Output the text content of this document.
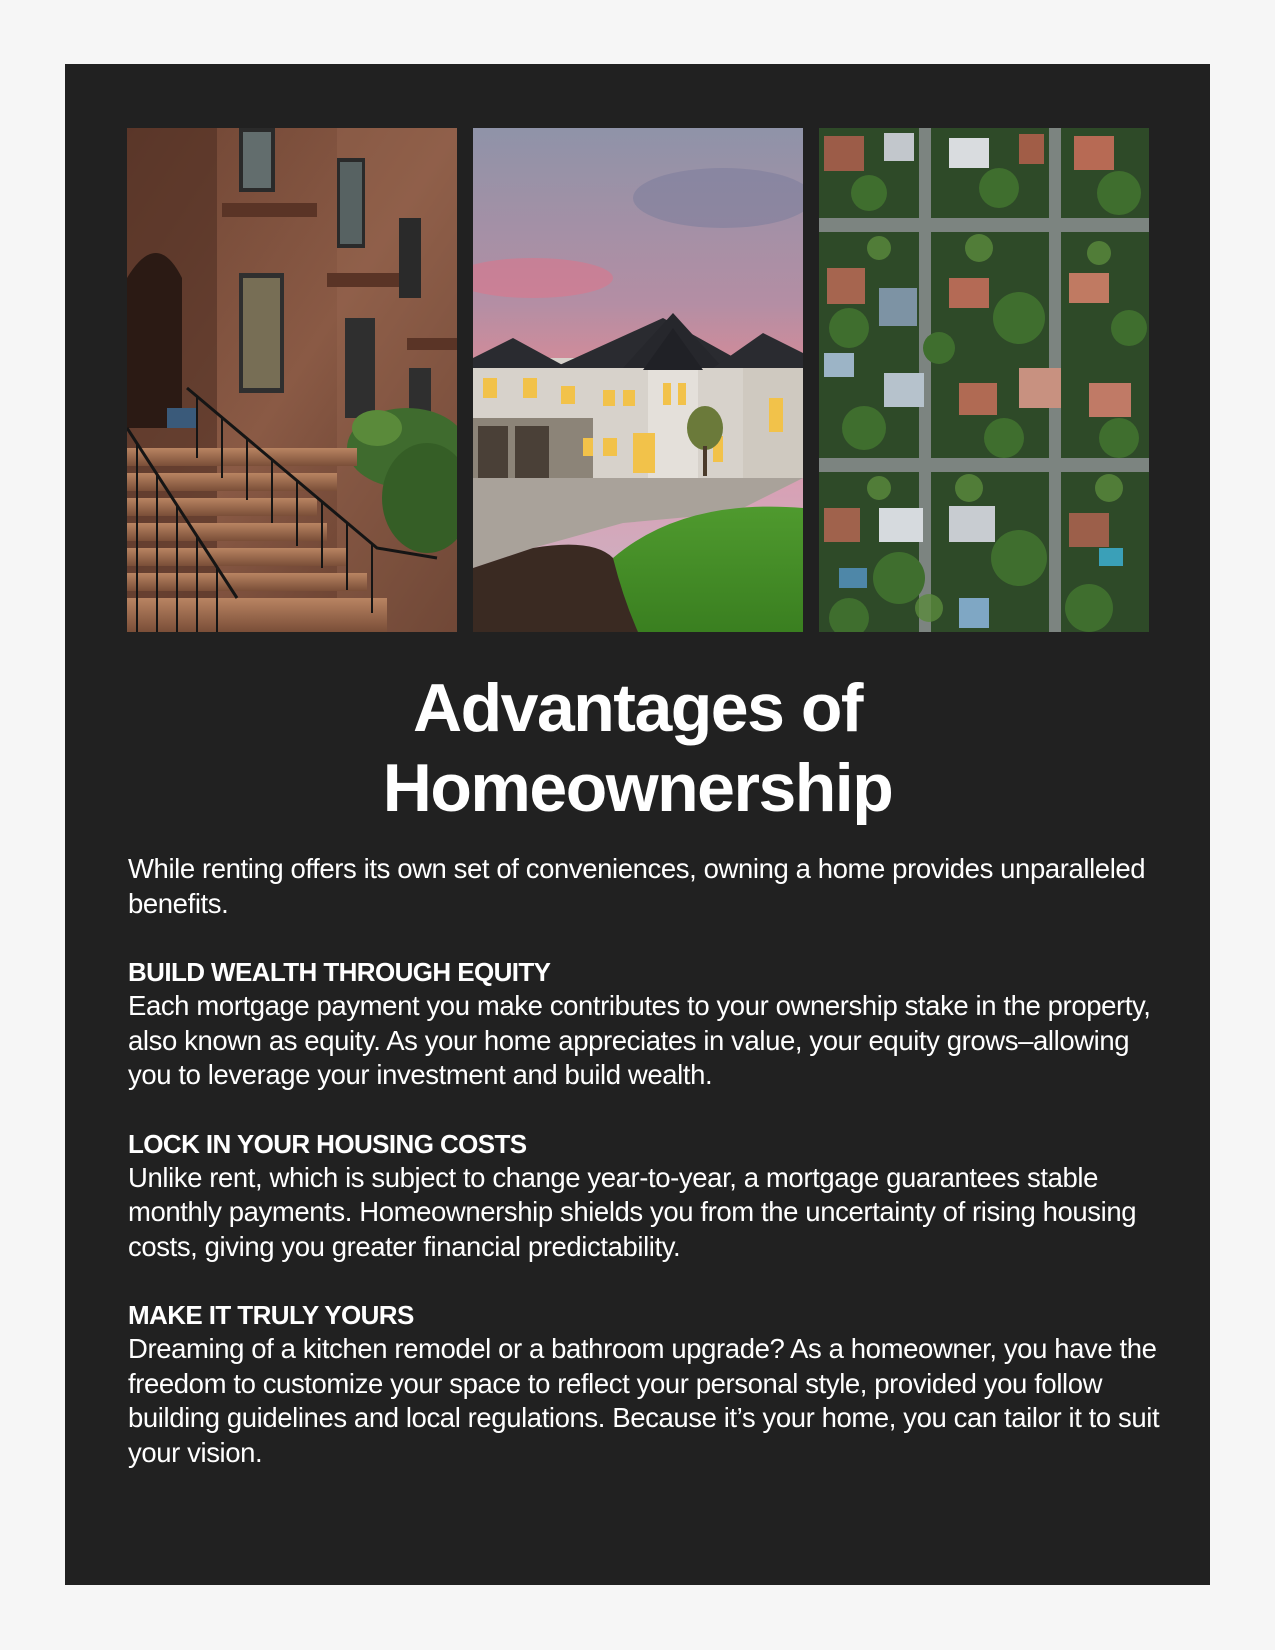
Advantages of
Homeownership

While renting offers its own set of conveniences, owning a home provides unparalleled benefits.

BUILD WEALTH THROUGH EQUITY

Each mortgage payment you make contributes to your ownership stake in the property, also known as equity. As your home appreciates in value, your equity grows–allowing you to leverage your investment and build wealth.

LOCK IN YOUR HOUSING COSTS

Unlike rent, which is subject to change year-to-year, a mortgage guarantees stable monthly payments. Homeownership shields you from the uncertainty of rising housing costs, giving you greater financial predictability.

MAKE IT TRULY YOURS

Dreaming of a kitchen remodel or a bathroom upgrade? As a homeowner, you have the freedom to customize your space to reflect your personal style, provided you follow building guidelines and local regulations. Because it’s your home, you can tailor it to suit your vision.
